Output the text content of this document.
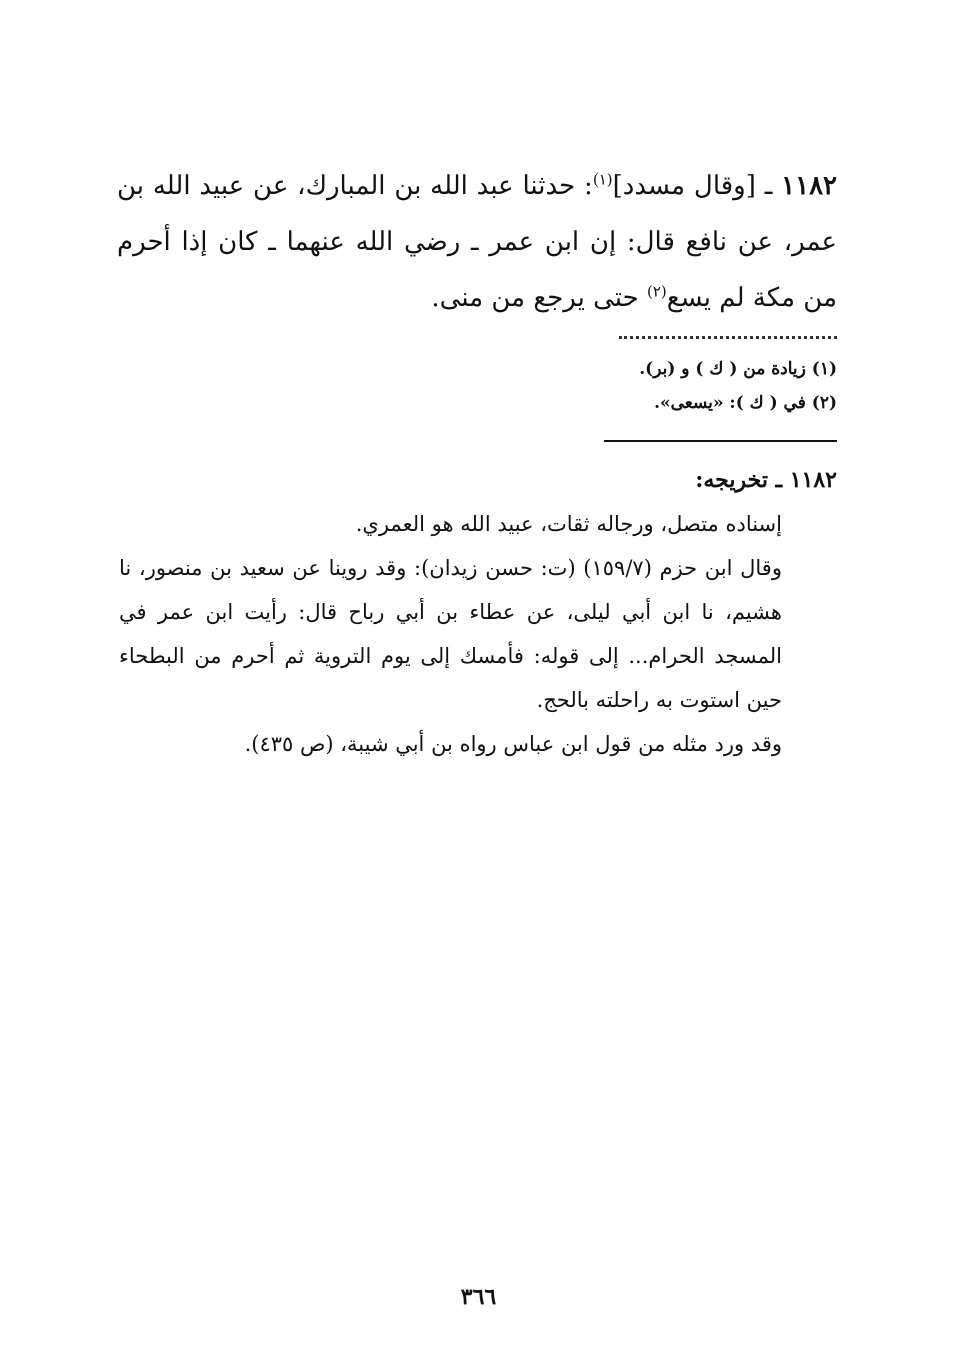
١١٨٢ ـ [وقال مسدد]$^{(١)}$: حدثنا عبد الله بن المبارك، عن عبيد الله بن عمر، عن نافع قال: إن ابن عمر ـ رضي الله عنهما ـ كان إذا أحرم من مكة لم يسع$^{(٢)}$ حتى يرجع من منى.

(١) زيادة من ( ك ) و (بر).
(٢) في ( ك ): «يسعى».

١١٨٢ ـ تخريجه:

إسناده متصل، ورجاله ثقات، عبيد الله هو العمري.

وقال ابن حزم (١٥٩/٧) (ت: حسن زيدان): وقد روينا عن سعيد بن منصور، نا هشيم، نا ابن أبي ليلى، عن عطاء بن أبي رباح قال: رأيت ابن عمر في المسجد الحرام... إلى قوله: فأمسك إلى يوم التروية ثم أحرم من البطحاء حين استوت به راحلته بالحج.

وقد ورد مثله من قول ابن عباس رواه بن أبي شيبة، (ص ٤٣٥).

٣٦٦
